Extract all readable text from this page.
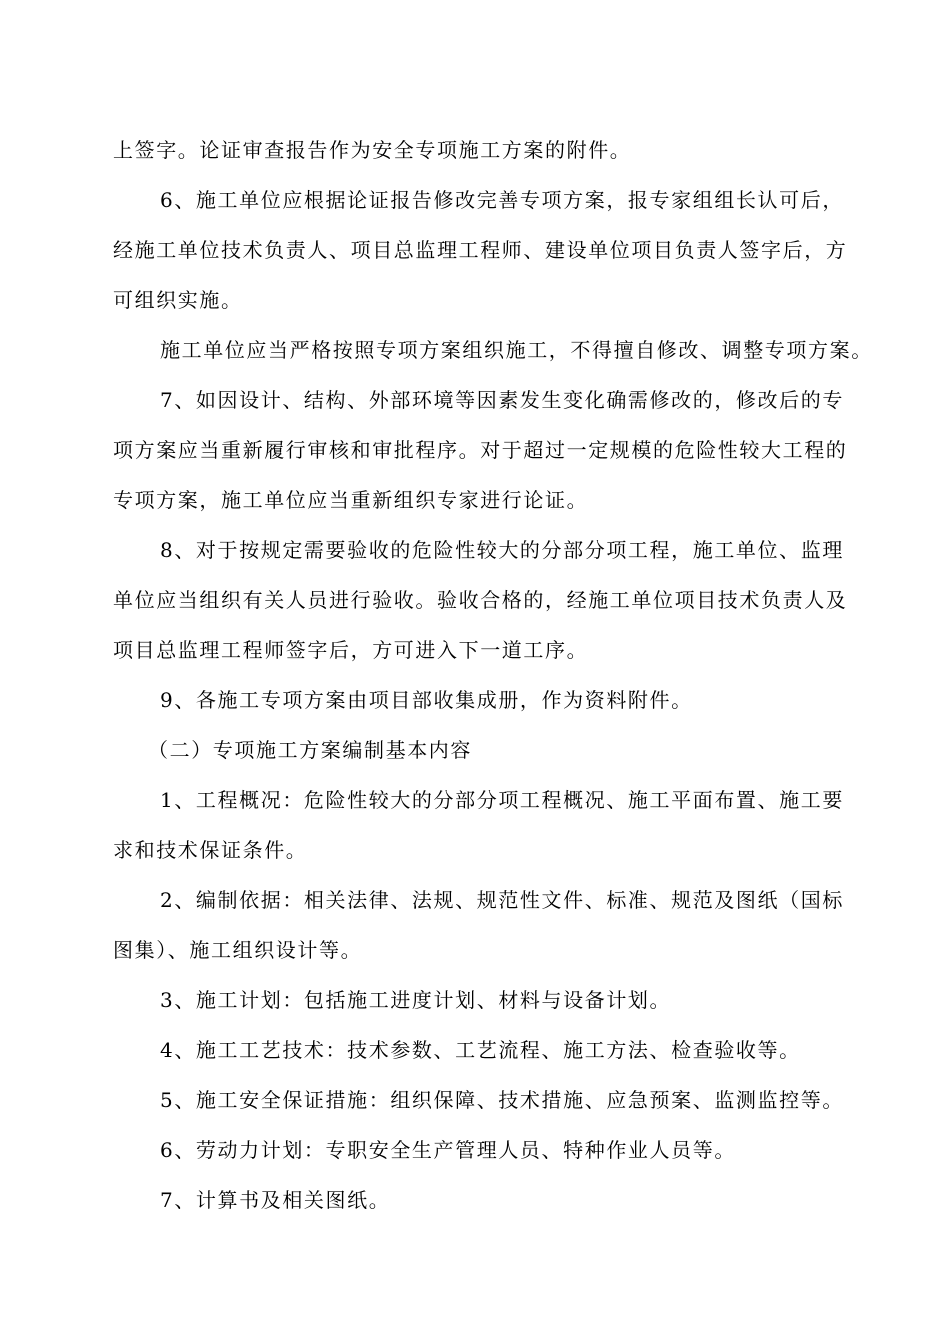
上签字。论证审查报告作为安全专项施工方案的附件。
6、施工单位应根据论证报告修改完善专项方案，报专家组组长认可后，
经施工单位技术负责人、项目总监理工程师、建设单位项目负责人签字后，方
可组织实施。
施工单位应当严格按照专项方案组织施工，不得擅自修改、调整专项方案。
7、如因设计、结构、外部环境等因素发生变化确需修改的，修改后的专
项方案应当重新履行审核和审批程序。对于超过一定规模的危险性较大工程的
专项方案，施工单位应当重新组织专家进行论证。
8、对于按规定需要验收的危险性较大的分部分项工程，施工单位、监理
单位应当组织有关人员进行验收。验收合格的，经施工单位项目技术负责人及
项目总监理工程师签字后，方可进入下一道工序。
9、各施工专项方案由项目部收集成册，作为资料附件。
（二）专项施工方案编制基本内容
1、工程概况：危险性较大的分部分项工程概况、施工平面布置、施工要
求和技术保证条件。
2、编制依据：相关法律、法规、规范性文件、标准、规范及图纸（国标
图集）、施工组织设计等。
3、施工计划：包括施工进度计划、材料与设备计划。
4、施工工艺技术：技术参数、工艺流程、施工方法、检查验收等。
5、施工安全保证措施：组织保障、技术措施、应急预案、监测监控等。
6、劳动力计划：专职安全生产管理人员、特种作业人员等。
7、计算书及相关图纸。
